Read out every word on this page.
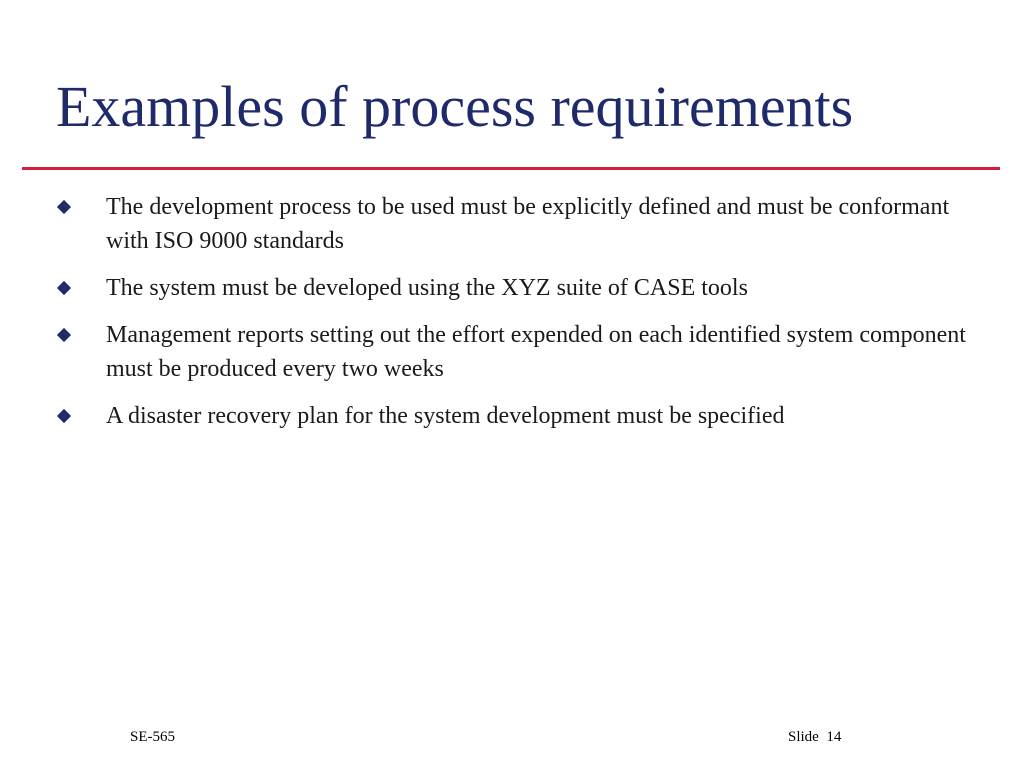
Examples of process requirements
The development process to be used must be explicitly defined and must be conformant with ISO 9000 standards
The system must be developed using the XYZ suite of CASE tools
Management reports setting out the effort expended on each identified system component must be produced every two weeks
A disaster recovery plan for the system development must be specified
SE-565	Slide  14
